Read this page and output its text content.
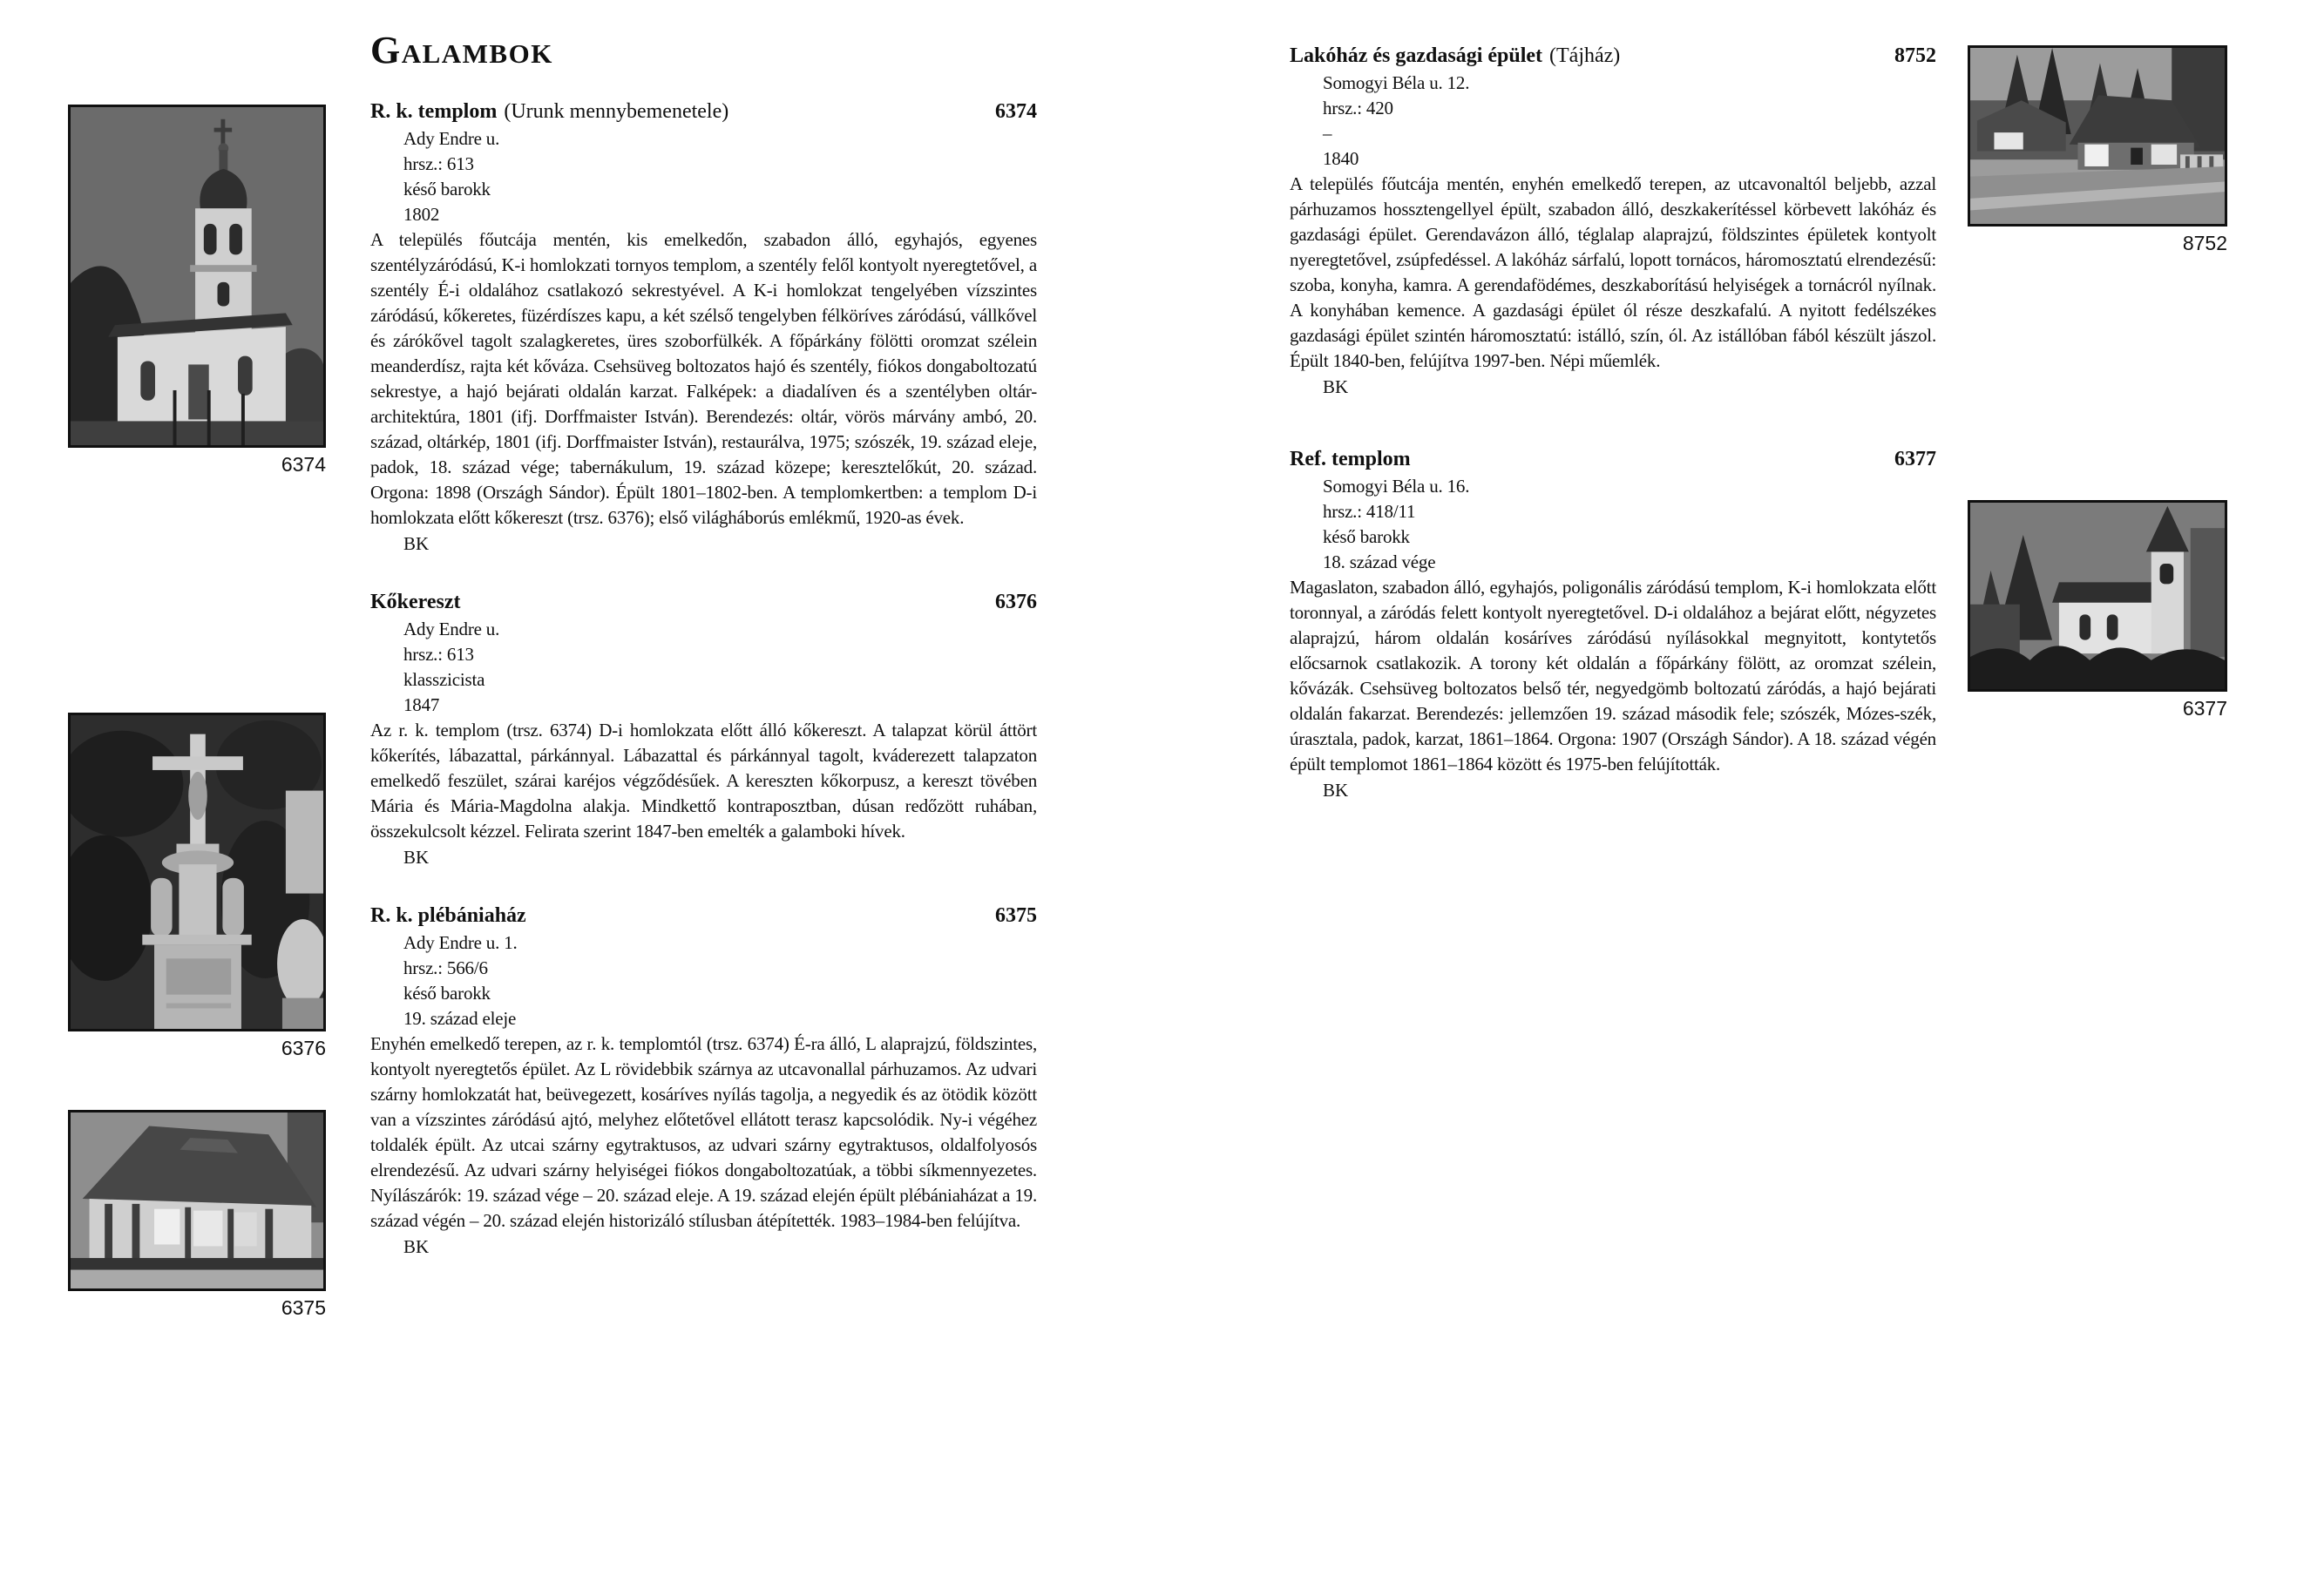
6374
6376
6375
8752
6377
Galambok
R. k. templom (Urunk mennybemenetele)	6374
Ady Endre u.
hrsz.: 613
késő barokk
1802

A település főutcája mentén, kis emelkedőn, szabadon álló, egyhajós, egyenes szentélyzáródású, K-i homlokzati tornyos templom, a szentély felől kontyolt nyeregtetővel, a szentély É-i oldalához csatlakozó sekrestyével. A K-i homlokzat tengelyében vízszintes záródású, kőkeretes, füzérdíszes kapu, a két szélső tengelyben félköríves záródású, vállkővel és zárókővel tagolt szalagkeretes, üres szoborfülkék. A főpárkány fölötti oromzat szélein meanderdísz, rajta két kőváza. Csehsüveg boltozatos hajó és szentély, fiókos dongaboltozatú sekrestye, a hajó bejárati oldalán karzat. Falképek: a diadalíven és a szentélyben oltár-architektúra, 1801 (ifj. Dorffmaister István). Berendezés: oltár, vörös márvány ambó, 20. század, oltárkép, 1801 (ifj. Dorffmaister István), restaurálva, 1975; szószék, 19. század eleje, padok, 18. század vége; tabernákulum, 19. század közepe; keresztelőkút, 20. század. Orgona: 1898 (Országh Sándor). Épült 1801–1802-ben. A templomkertben: a templom D-i homlokzata előtt kőkereszt (trsz. 6376); első világháborús emlékmű, 1920-as évek.

BK
Kőkereszt	6376
Ady Endre u.
hrsz.: 613
klasszicista
1847

Az r. k. templom (trsz. 6374) D-i homlokzata előtt álló kőkereszt. A talapzat körül áttört kőkerítés, lábazattal, párkánnyal. Lábazattal és párkánnyal tagolt, kváderezett talapzaton emelkedő feszület, szárai karéjos végződésűek. A kereszten kőkorpusz, a kereszt tövében Mária és Mária-Magdolna alakja. Mindkettő kontraposztban, dúsan redőzött ruhában, összekulcsolt kézzel. Felirata szerint 1847-ben emelték a galamboki hívek.

BK
R. k. plébániaház	6375
Ady Endre u. 1.
hrsz.: 566/6
késő barokk
19. század eleje

Enyhén emelkedő terepen, az r. k. templomtól (trsz. 6374) É-ra álló, L alaprajzú, földszintes, kontyolt nyeregtetős épület. Az L rövidebbik szárnya az utcavonallal párhuzamos. Az udvari szárny homlokzatát hat, beüvegezett, kosáríves nyílás tagolja, a negyedik és az ötödik között van a vízszintes záródású ajtó, melyhez előtetővel ellátott terasz kapcsolódik. Ny-i végéhez toldalék épült. Az utcai szárny egytraktusos, az udvari szárny egytraktusos, oldalfolyosós elrendezésű. Az udvari szárny helyiségei fiókos dongaboltozatúak, a többi síkmennyezetes. Nyílászárók: 19. század vége – 20. század eleje. A 19. század elején épült plébániaházat a 19. század végén – 20. század elején historizáló stílusban átépítették. 1983–1984-ben felújítva.

BK
Lakóház és gazdasági épület (Tájház)	8752
Somogyi Béla u. 12.
hrsz.: 420
–
1840

A település főutcája mentén, enyhén emelkedő terepen, az utcavonaltól beljebb, azzal párhuzamos hossztengellyel épült, szabadon álló, deszkakerítéssel körbevett lakóház és gazdasági épület. Gerendavázon álló, téglalap alaprajzú, földszintes épületek kontyolt nyeregtetővel, zsúpfedéssel. A lakóház sárfalú, lopott tornácos, háromosztatú elrendezésű: szoba, konyha, kamra. A gerendafödémes, deszkaborítású helyiségek a tornácról nyílnak. A konyhában kemence. A gazdasági épület ól része deszkafalú. A nyitott fedélszékes gazdasági épület szintén háromosztatú: istálló, szín, ól. Az istállóban fából készült jászol. Épült 1840-ben, felújítva 1997-ben. Népi műemlék.

BK
Ref. templom	6377
Somogyi Béla u. 16.
hrsz.: 418/11
késő barokk
18. század vége

Magaslaton, szabadon álló, egyhajós, poligonális záródású templom, K-i homlokzata előtt toronnyal, a záródás felett kontyolt nyeregtetővel. D-i oldalához a bejárat előtt, négyzetes alaprajzú, három oldalán kosáríves záródású nyílásokkal megnyitott, kontytetős előcsarnok csatlakozik. A torony két oldalán a főpárkány fölött, az oromzat szélein, kővázák. Csehsüveg boltozatos belső tér, negyedgömb boltozatú záródás, a hajó bejárati oldalán fakarzat. Berendezés: jellemzően 19. század második fele; szószék, Mózes-szék, úrasztala, padok, karzat, 1861–1864. Orgona: 1907 (Országh Sándor). A 18. század végén épült templomot 1861–1864 között és 1975-ben felújították.

BK
